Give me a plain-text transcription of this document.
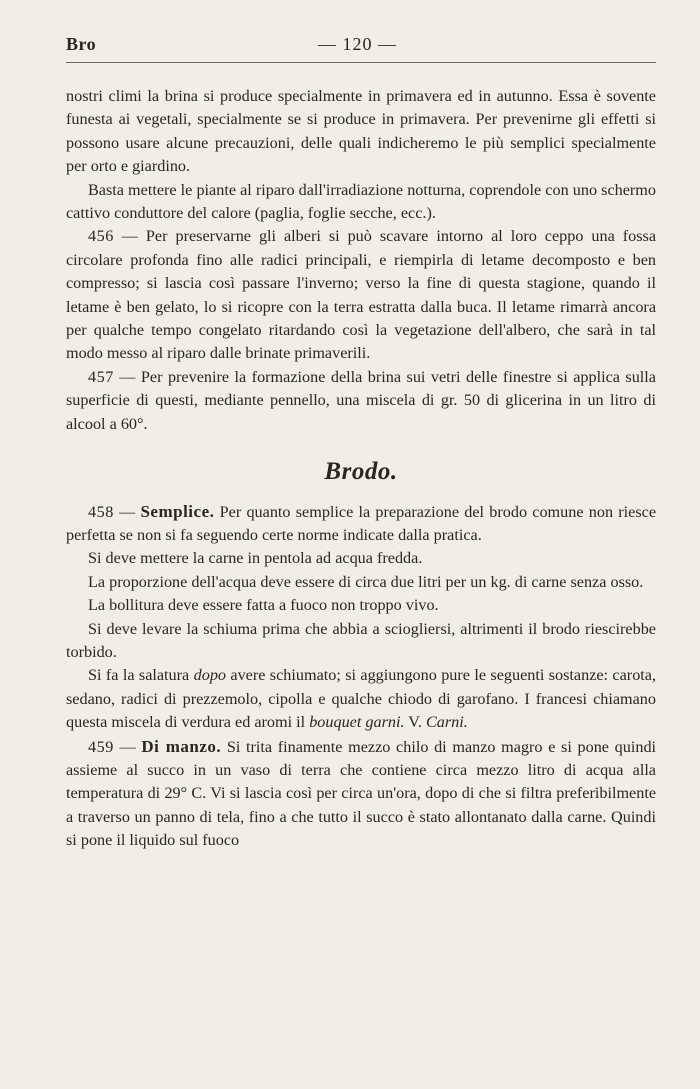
Bro	— 120 —

nostri climi la brina si produce specialmente in primavera ed in autunno. Essa è sovente funesta ai vegetali, specialmente se si produce in primavera. Per prevenirne gli effetti si possono usare alcune precauzioni, delle quali indicheremo le più semplici specialmente per orto e giardino.

Basta mettere le piante al riparo dall'irradiazione notturna, coprendole con uno schermo cattivo conduttore del calore (paglia, foglie secche, ecc.).

456 — Per preservarne gli alberi si può scavare intorno al loro ceppo una fossa circolare profonda fino alle radici principali, e riempirla di letame decomposto e ben compresso; si lascia così passare l'inverno; verso la fine di questa stagione, quando il letame è ben gelato, lo si ricopre con la terra estratta dalla buca. Il letame rimarrà ancora per qualche tempo congelato ritardando così la vegetazione dell'albero, che sarà in tal modo messo al riparo dalle brinate primaverili.

457 — Per prevenire la formazione della brina sui vetri delle finestre si applica sulla superficie di questi, mediante pennello, una miscela di gr. 50 di glicerina in un litro di alcool a 60°.

Brodo.

458 — Semplice. Per quanto semplice la preparazione del brodo comune non riesce perfetta se non si fa seguendo certe norme indicate dalla pratica.

Si deve mettere la carne in pentola ad acqua fredda.

La proporzione dell'acqua deve essere di circa due litri per un kg. di carne senza osso.

La bollitura deve essere fatta a fuoco non troppo vivo.

Si deve levare la schiuma prima che abbia a sciogliersi, altrimenti il brodo riescirebbe torbido.

Si fa la salatura dopo avere schiumato; si aggiungono pure le seguenti sostanze: carota, sedano, radici di prezzemolo, cipolla e qualche chiodo di garofano. I francesi chiamano questa miscela di verdura ed aromi il bouquet garni. V. Carni.

459 — Di manzo. Si trita finamente mezzo chilo di manzo magro e si pone quindi assieme al succo in un vaso di terra che contiene circa mezzo litro di acqua alla temperatura di 29° C. Vi si lascia così per circa un'ora, dopo di che si filtra preferibilmente a traverso un panno di tela, fino a che tutto il succo è stato allontanato dalla carne. Quindi si pone il liquido sul fuoco
